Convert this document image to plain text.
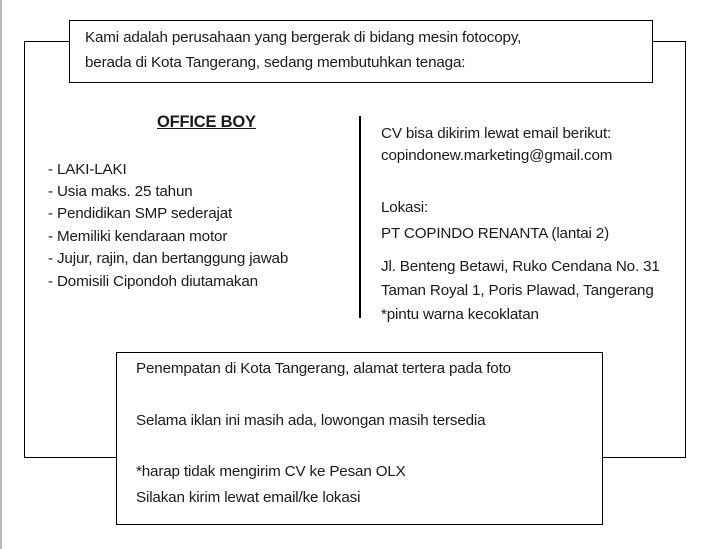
Kami adalah perusahaan yang bergerak di bidang mesin fotocopy,
berada di Kota Tangerang, sedang membutuhkan tenaga:
OFFICE BOY
- LAKI-LAKI
- Usia maks. 25 tahun
- Pendidikan SMP sederajat
- Memiliki kendaraan motor
- Jujur, rajin, dan bertanggung jawab
- Domisili Cipondoh diutamakan
CV bisa dikirim lewat email berikut:
copindonew.marketing@gmail.com
Lokasi:
PT COPINDO RENANTA (lantai 2)
Jl. Benteng Betawi, Ruko Cendana No. 31
Taman Royal 1, Poris Plawad, Tangerang
*pintu warna kecoklatan
Penempatan di Kota Tangerang, alamat tertera pada foto
Selama iklan ini masih ada, lowongan masih tersedia
*harap tidak mengirim CV ke Pesan OLX
Silakan kirim lewat email/ke lokasi
